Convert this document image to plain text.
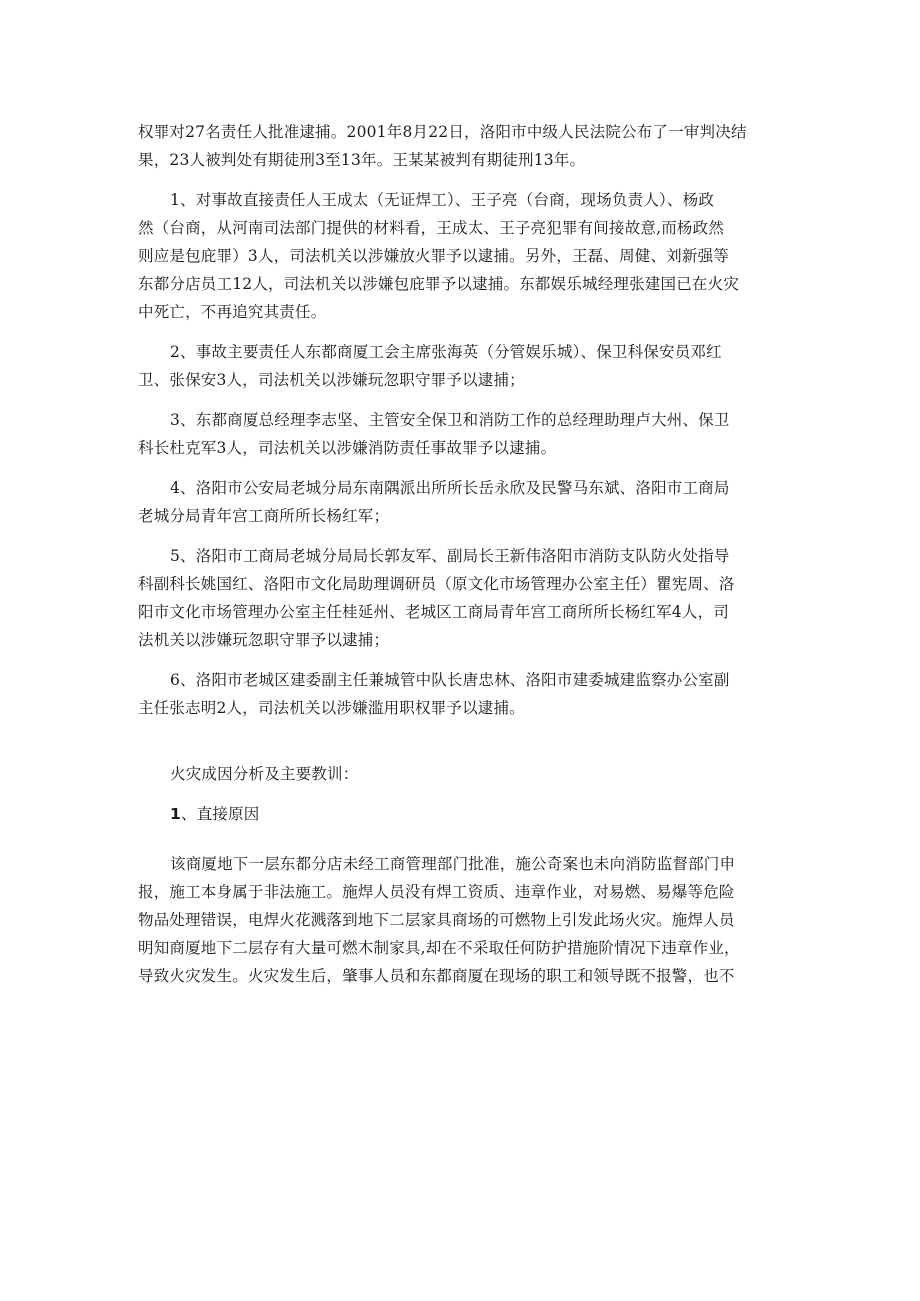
权罪对27名责任人批准逮捕。2001年8月22日，洛阳市中级人民法院公布了一审判决结
果，23人被判处有期徒刑3至13年。王某某被判有期徒刑13年。
1、对事故直接责任人王成太（无证焊工）、王子亮（台商，现场负责人）、杨政
然（台商，从河南司法部门提供的材料看，王成太、王子亮犯罪有间接故意,而杨政然
则应是包庇罪）3人，司法机关以涉嫌放火罪予以逮捕。另外，王磊、周健、刘新强等
东都分店员工12人，司法机关以涉嫌包庇罪予以逮捕。东都娱乐城经理张建国已在火灾
中死亡，不再追究其责任。
2、事故主要责任人东都商厦工会主席张海英（分管娱乐城）、保卫科保安员邓红
卫、张保安3人，司法机关以涉嫌玩忽职守罪予以逮捕；
3、东都商厦总经理李志坚、主管安全保卫和消防工作的总经理助理卢大州、保卫
科长杜克军3人，司法机关以涉嫌消防责任事故罪予以逮捕。
4、洛阳市公安局老城分局东南隅派出所所长岳永欣及民警马东斌、洛阳市工商局
老城分局青年宫工商所所长杨红军；
5、洛阳市工商局老城分局局长郭友军、副局长王新伟洛阳市消防支队防火处指导
科副科长姚国红、洛阳市文化局助理调研员（原文化市场管理办公室主任）瞿宪周、洛
阳市文化市场管理办公室主任桂延州、老城区工商局青年宫工商所所长杨红军4人，司
法机关以涉嫌玩忽职守罪予以逮捕；
6、洛阳市老城区建委副主任兼城管中队长唐忠林、洛阳市建委城建监察办公室副
主任张志明2人，司法机关以涉嫌滥用职权罪予以逮捕。
火灾成因分析及主要教训：
1、直接原因
该商厦地下一层东都分店未经工商管理部门批准，施公奇案也未向消防监督部门申
报，施工本身属于非法施工。施焊人员没有焊工资质、违章作业，对易燃、易爆等危险
物品处理错误，电焊火花溅落到地下二层家具商场的可燃物上引发此场火灾。施焊人员
明知商厦地下二层存有大量可燃木制家具,却在不采取任何防护措施阶情况下违章作业，
导致火灾发生。火灾发生后，肇事人员和东都商厦在现场的职工和领导既不报警，也不
